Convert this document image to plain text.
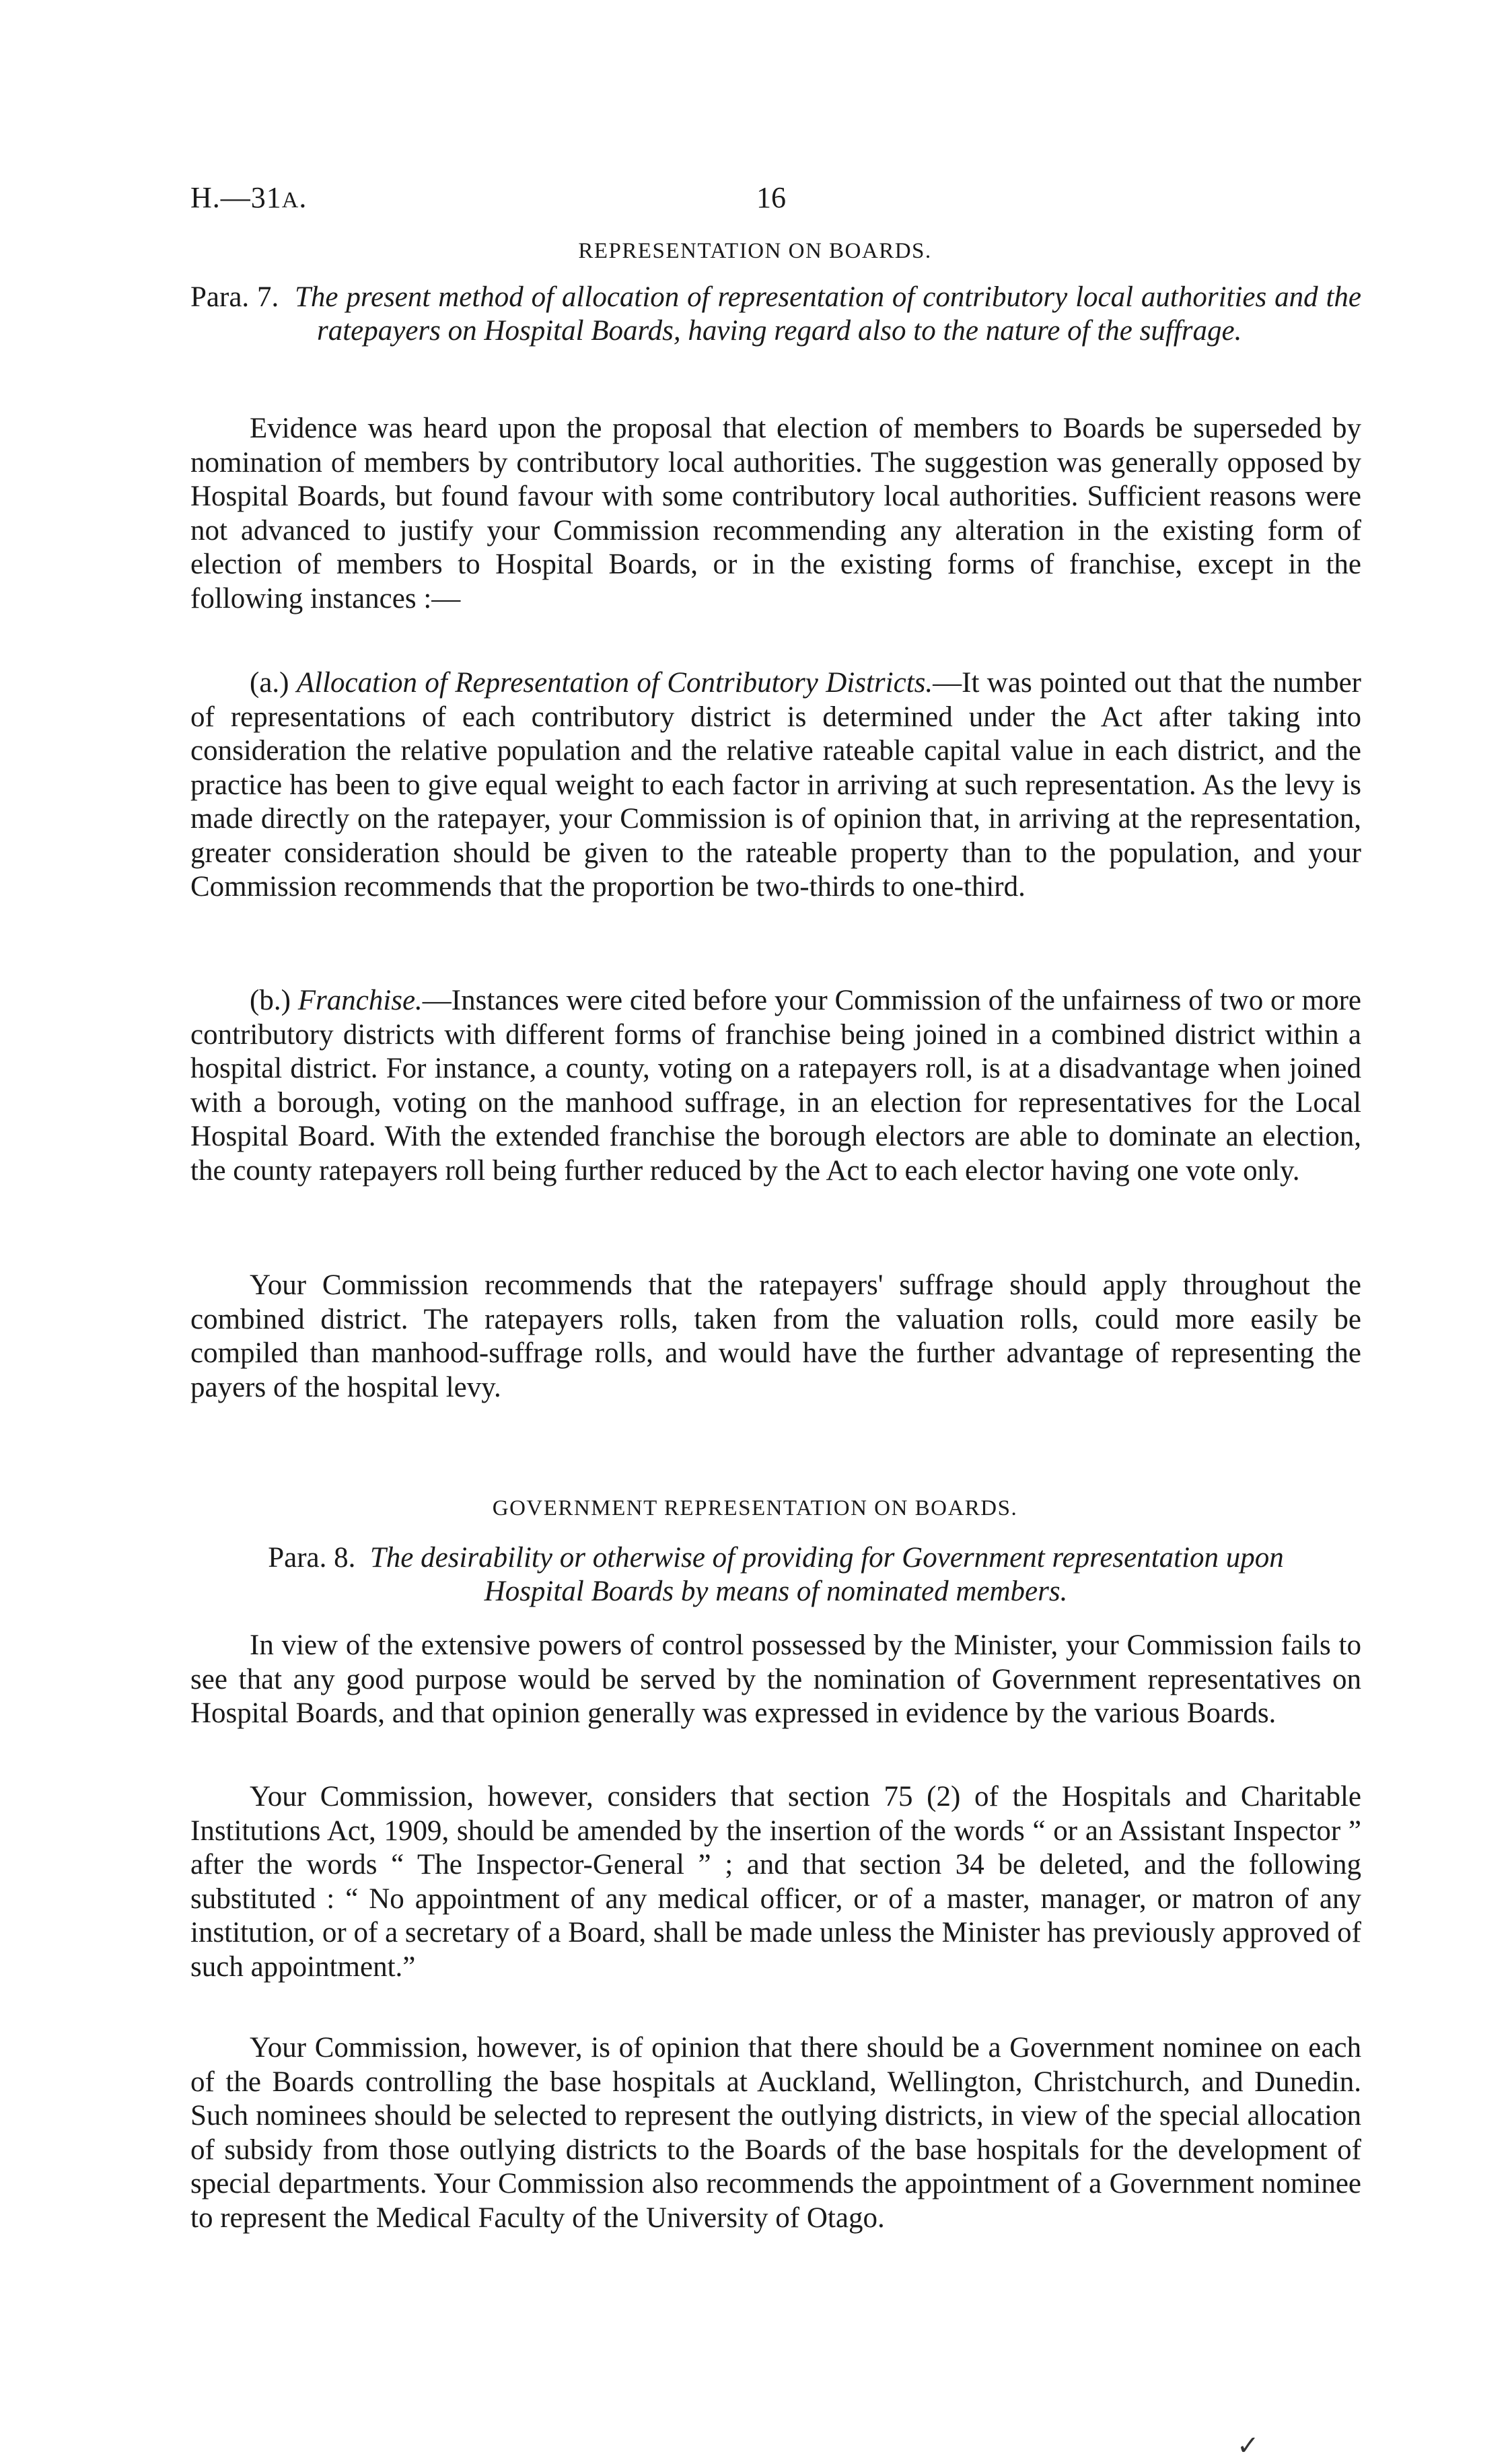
H.—31A.	16
REPRESENTATION ON BOARDS.
Para. 7. The present method of allocation of representation of contributory local authorities and the ratepayers on Hospital Boards, having regard also to the nature of the suffrage.
Evidence was heard upon the proposal that election of members to Boards be superseded by nomination of members by contributory local authorities. The suggestion was generally opposed by Hospital Boards, but found favour with some contributory local authorities. Sufficient reasons were not advanced to justify your Commission recommending any alteration in the existing form of election of members to Hospital Boards, or in the existing forms of franchise, except in the following instances :—
(a.) Allocation of Representation of Contributory Districts.—It was pointed out that the number of representations of each contributory district is determined under the Act after taking into consideration the relative population and the relative rateable capital value in each district, and the practice has been to give equal weight to each factor in arriving at such representation. As the levy is made directly on the ratepayer, your Commission is of opinion that, in arriving at the representation, greater consideration should be given to the rateable property than to the population, and your Commission recommends that the proportion be two-thirds to one-third.
(b.) Franchise.—Instances were cited before your Commission of the unfairness of two or more contributory districts with different forms of franchise being joined in a combined district within a hospital district. For instance, a county, voting on a ratepayers roll, is at a disadvantage when joined with a borough, voting on the manhood suffrage, in an election for representatives for the Local Hospital Board. With the extended franchise the borough electors are able to dominate an election, the county ratepayers roll being further reduced by the Act to each elector having one vote only.
Your Commission recommends that the ratepayers' suffrage should apply throughout the combined district. The ratepayers rolls, taken from the valuation rolls, could more easily be compiled than manhood-suffrage rolls, and would have the further advantage of representing the payers of the hospital levy.
GOVERNMENT REPRESENTATION ON BOARDS.
Para. 8. The desirability or otherwise of providing for Government representation upon
Hospital Boards by means of nominated members.
In view of the extensive powers of control possessed by the Minister, your Commission fails to see that any good purpose would be served by the nomination of Government representatives on Hospital Boards, and that opinion generally was expressed in evidence by the various Boards.
Your Commission, however, considers that section 75 (2) of the Hospitals and Charitable Institutions Act, 1909, should be amended by the insertion of the words “ or an Assistant Inspector ” after the words “ The Inspector-General ” ; and that section 34 be deleted, and the following substituted : “ No appointment of any medical officer, or of a master, manager, or matron of any institution, or of a secretary of a Board, shall be made unless the Minister has previously approved of such appointment.”
Your Commission, however, is of opinion that there should be a Government nominee on each of the Boards controlling the base hospitals at Auckland, Wellington, Christchurch, and Dunedin. Such nominees should be selected to represent the outlying districts, in view of the special allocation of subsidy from those outlying districts to the Boards of the base hospitals for the development of special departments. Your Commission also recommends the appointment of a Government nominee to represent the Medical Faculty of the University of Otago.
✓
